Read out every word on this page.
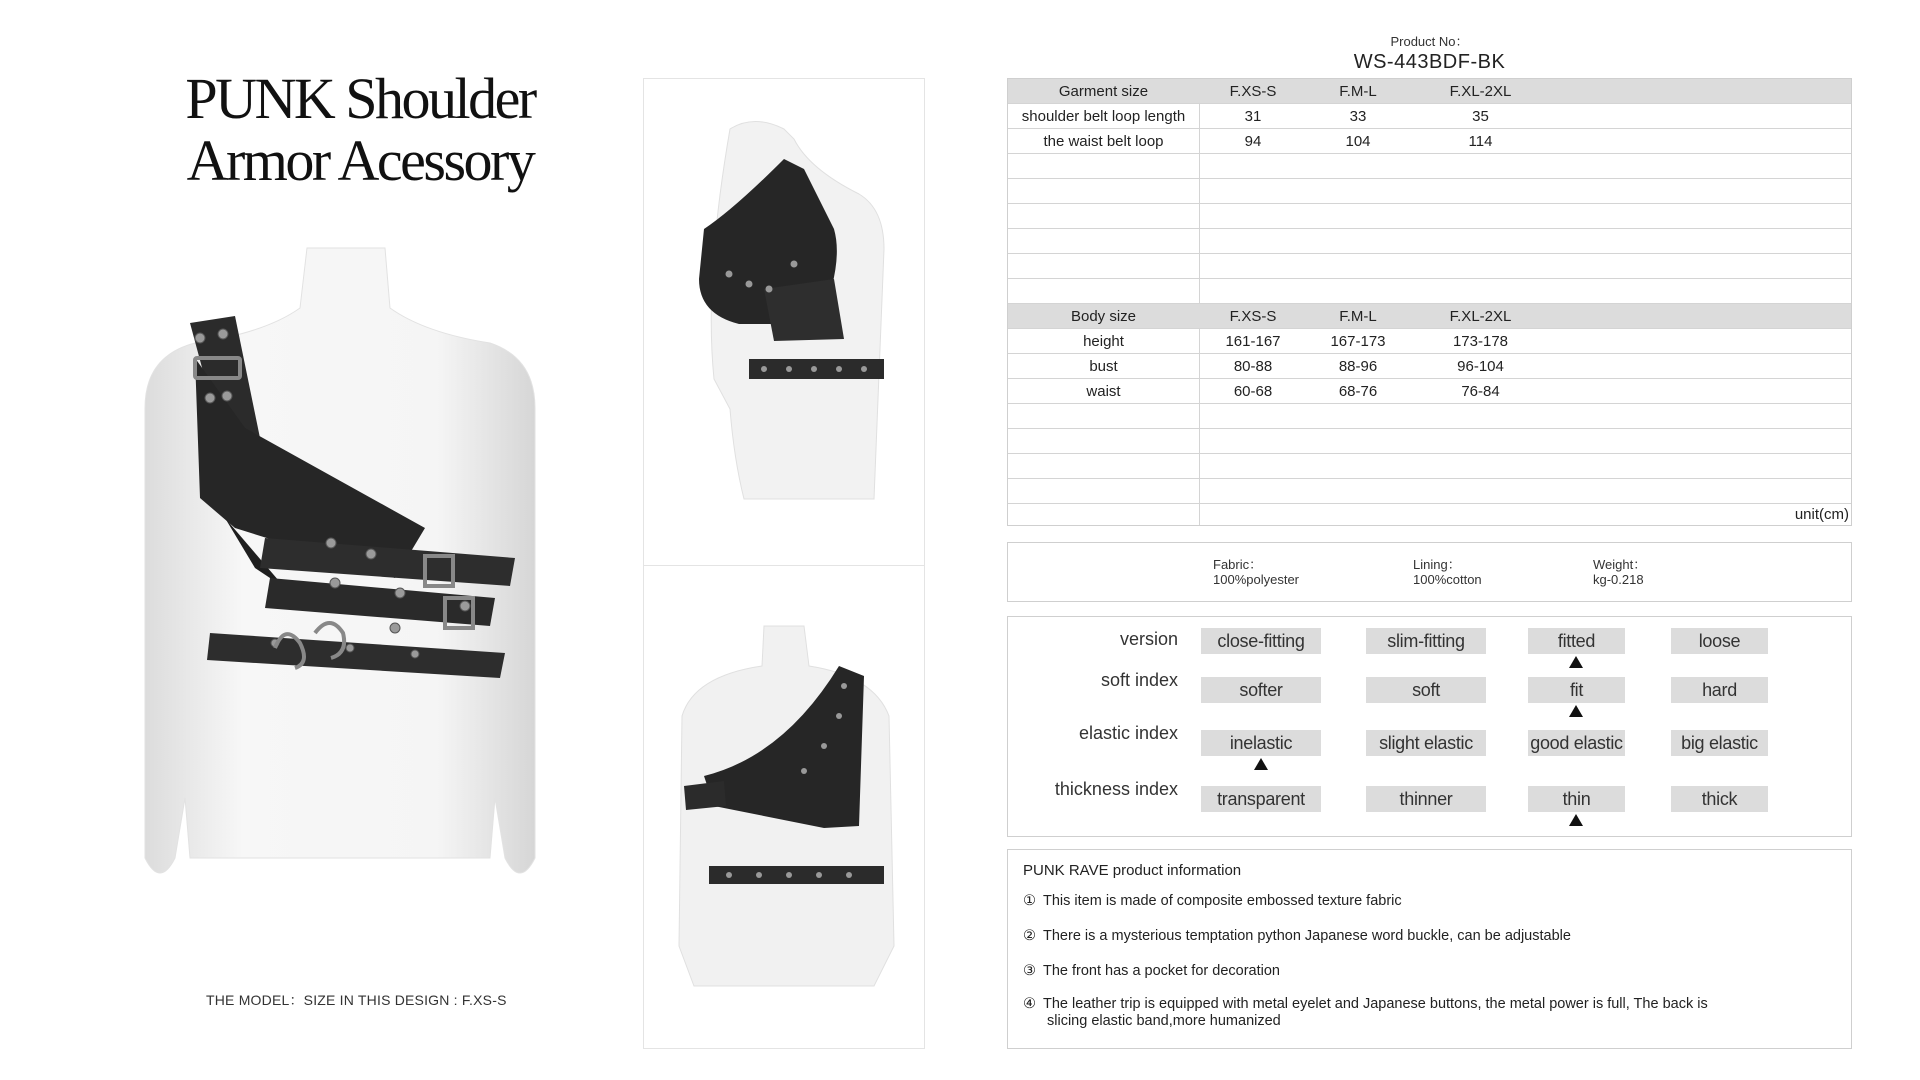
PUNK Shoulder
Armor Acessory
THE MODEL：SIZE IN THIS DESIGN : F.XS-S
Product No：
WS-443BDF-BK
Garment size	F.XS-S	F.M-L	F.XL-2XL
shoulder belt loop length	31	33	35
the waist belt loop	94	104	114
Body size	F.XS-S	F.M-L	F.XL-2XL
height	161-167	167-173	173-178
bust	80-88	88-96	96-104
waist	60-68	68-76	76-84
unit(cm)
Fabric：
100%polyester
Lining：
100%cotton
Weight：
kg-0.218
version	close-fitting	slim-fitting	fitted	loose
soft index	softer	soft	fit	hard
elastic index	inelastic	slight elastic	good elastic	big elastic
thickness index	transparent	thinner	thin	thick
PUNK RAVE product information
① This item is made of composite embossed texture fabric
② There is a mysterious temptation python Japanese word buckle, can be adjustable
③ The front has a pocket for decoration
④ The leather trip is equipped with metal eyelet and Japanese buttons, the metal power is full, The back is
slicing elastic band,more humanized
